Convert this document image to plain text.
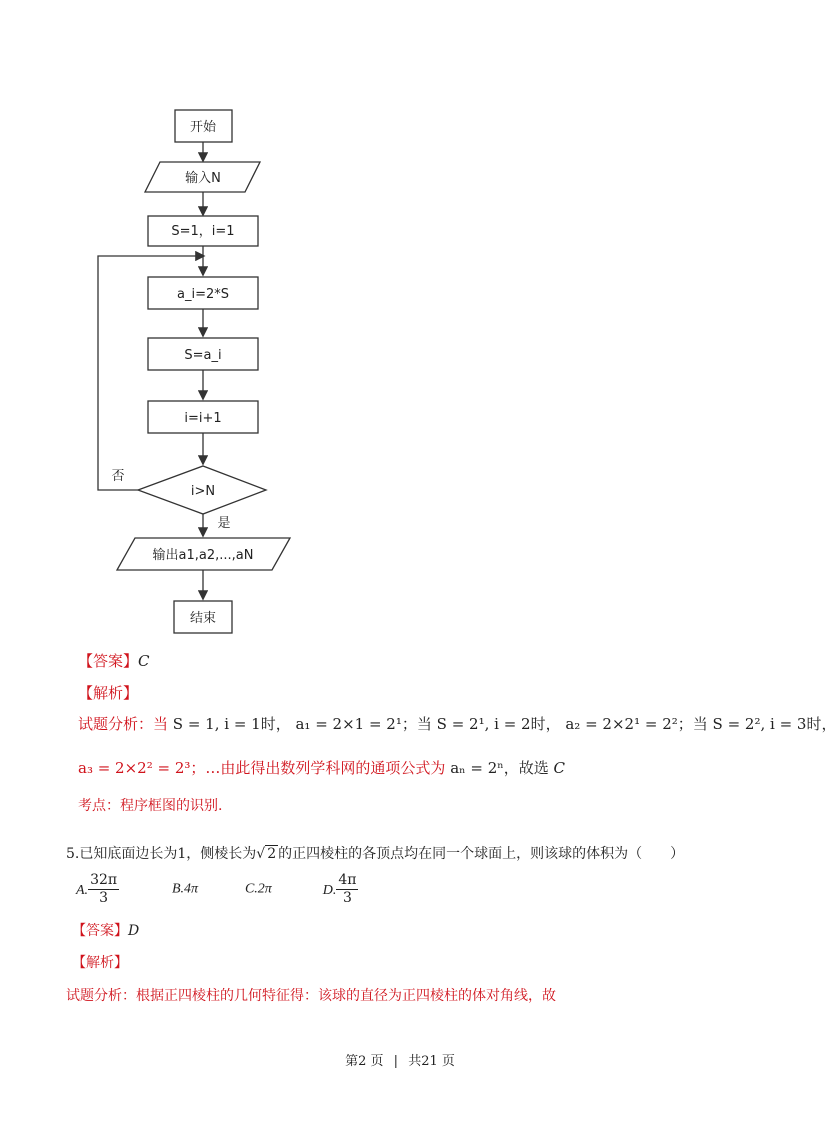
开始
输入N
S=1，i=1
a_i=2*S
S=a_i
i=i+1
i>N
否
是
输出a1,a2,...,aN
结束
【答案】C
【解析】
试题分析：当 S = 1, i = 1时， a₁ = 2×1 = 2¹；当 S = 2¹, i = 2时， a₂ = 2×2¹ = 2²；当 S = 2², i = 3时，
a₃ = 2×2² = 2³；…由此得出数列学科网的通项公式为 aₙ = 2ⁿ，故选 C
考点：程序框图的识别.
5.已知底面边长为1，侧棱长为√ 2 的正四棱柱的各顶点均在同一个球面上，则该球的体积为（　　）
A. $\frac{32\pi}{3}$	B.4π	C.2π	D. $\frac{4\pi}{3}$
【答案】D
【解析】
试题分析：根据正四棱柱的几何特征得：该球的直径为正四棱柱的体对角线，故
第2 页 | 共21 页
